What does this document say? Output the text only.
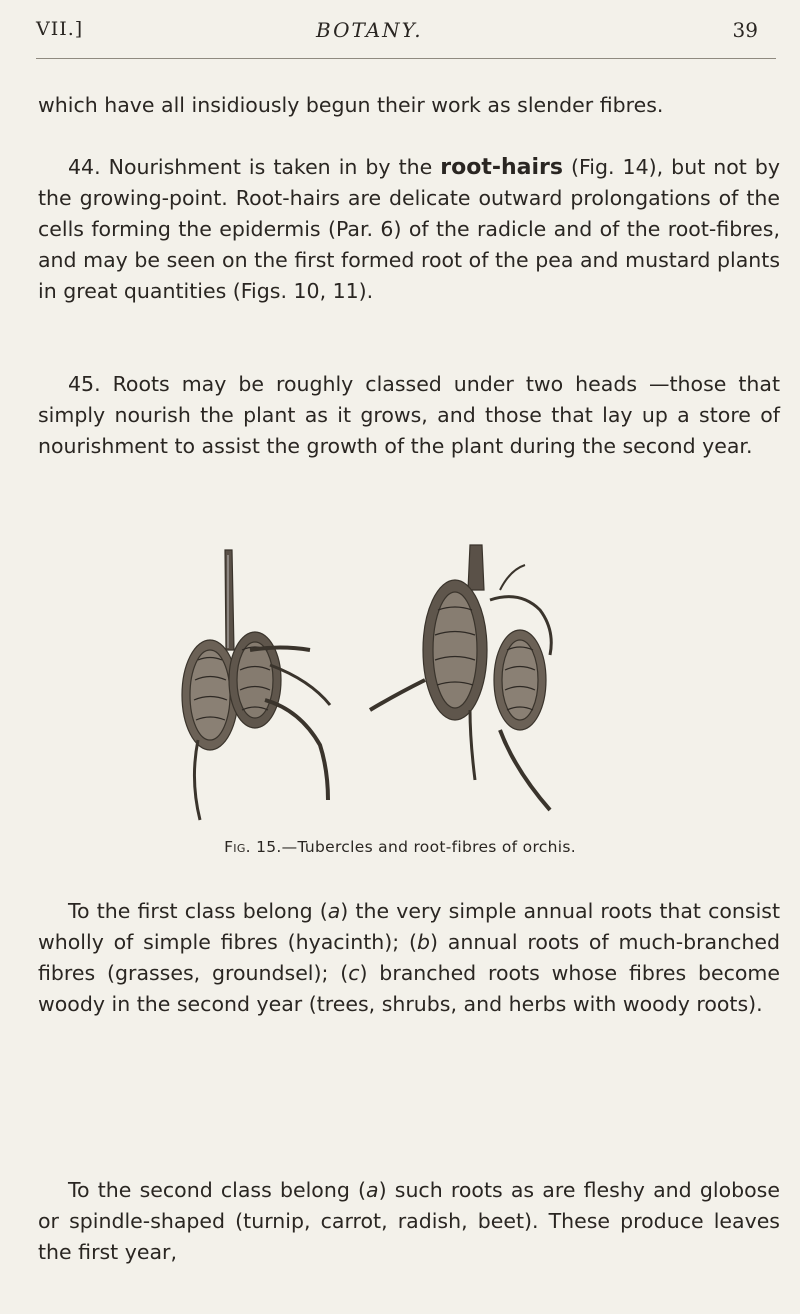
VII.]	BOTANY.	39

which have all insidiously begun their work as slender fibres.

44. Nourishment is taken in by the root-hairs (Fig. 14), but not by the growing-point. Root-hairs are delicate outward prolongations of the cells forming the epidermis (Par. 6) of the radicle and of the root-fibres, and may be seen on the first formed root of the pea and mustard plants in great quantities (Figs. 10, 11).

45. Roots may be roughly classed under two heads —those that simply nourish the plant as it grows, and those that lay up a store of nourishment to assist the growth of the plant during the second year.

Fig. 15.—Tubercles and root-fibres of orchis.

To the first class belong (a) the very simple annual roots that consist wholly of simple fibres (hyacinth); (b) annual roots of much-branched fibres (grasses, groundsel); (c) branched roots whose fibres become woody in the second year (trees, shrubs, and herbs with woody roots).

To the second class belong (a) such roots as are fleshy and globose or spindle-shaped (turnip, carrot, radish, beet). These produce leaves the first year,
